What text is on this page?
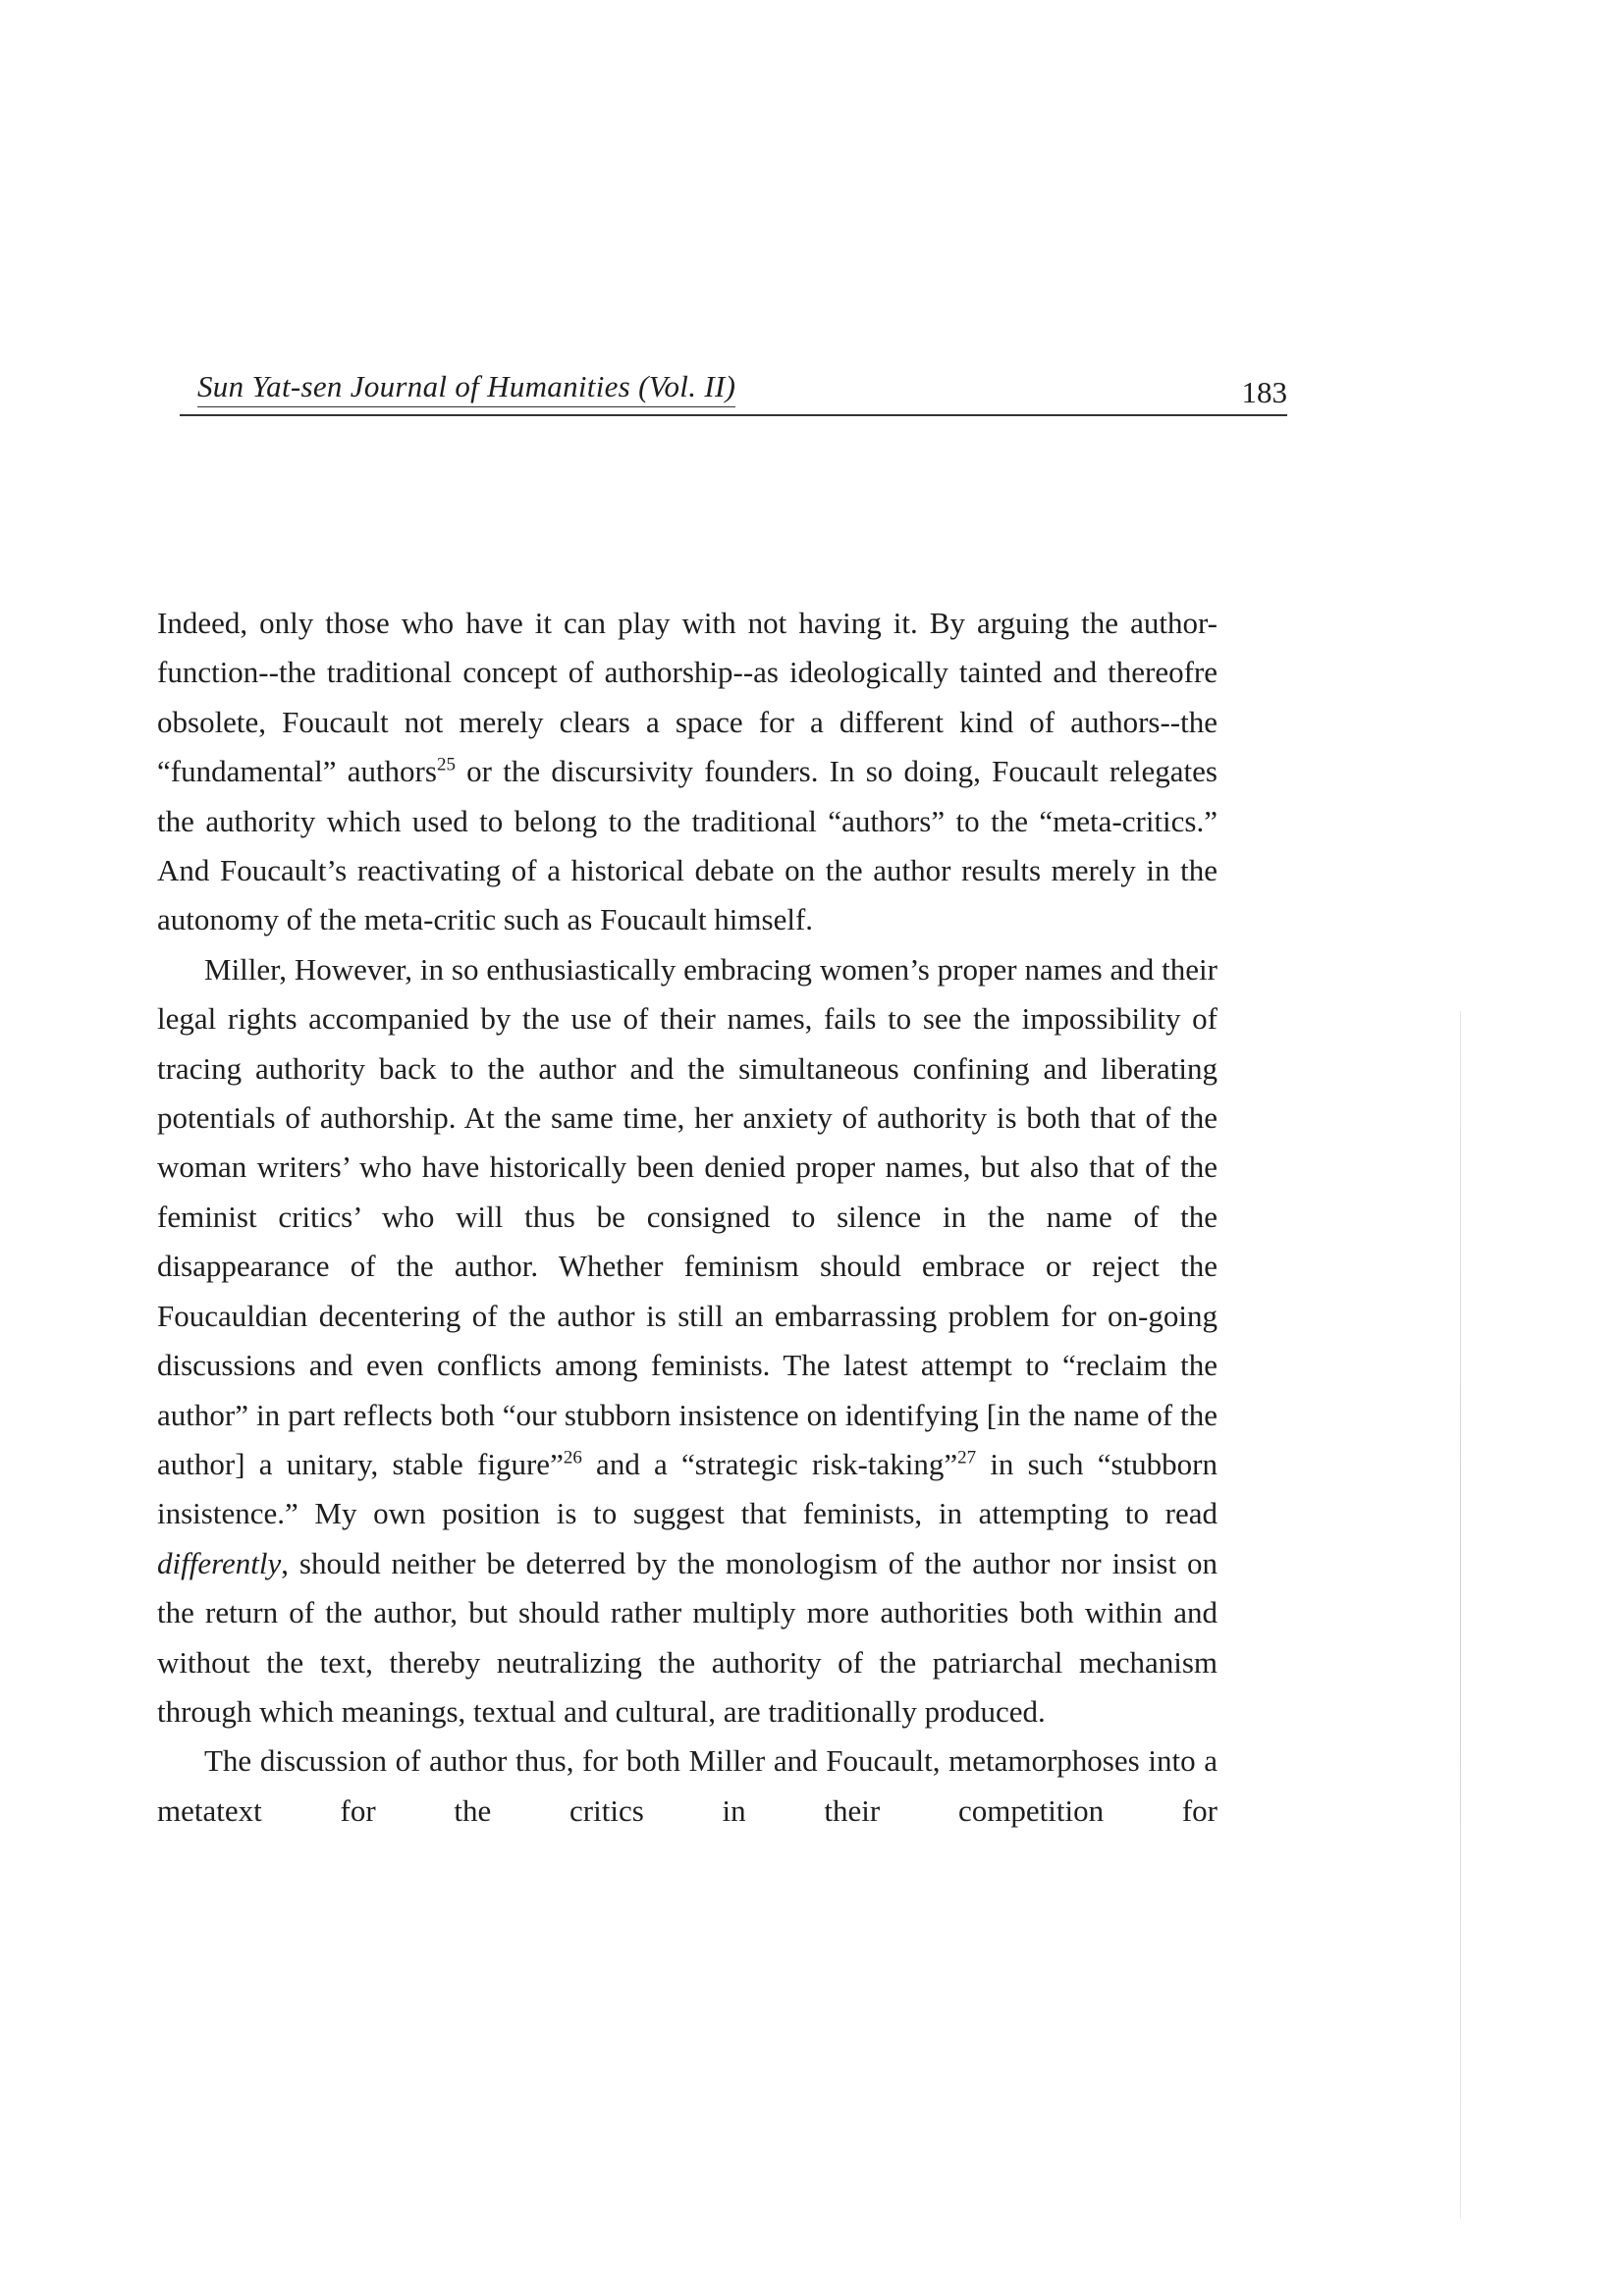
Sun Yat-sen Journal of Humanities (Vol. II)	183

Indeed, only those who have it can play with not having it. By arguing the author-function--the traditional concept of authorship--as ideologically tainted and thereofre obsolete, Foucault not merely clears a space for a different kind of authors--the “fundamental” authors$^{25}$ or the discursivity founders. In so doing, Foucault relegates the authority which used to belong to the traditional “authors” to the “meta-critics.” And Foucault’s reactivating of a historical debate on the author results merely in the autonomy of the meta-critic such as Foucault himself.

Miller, However, in so enthusiastically embracing women’s proper names and their legal rights accompanied by the use of their names, fails to see the impossibility of tracing authority back to the author and the simultaneous confining and liberating potentials of authorship. At the same time, her anxiety of authority is both that of the woman writers’ who have historically been denied proper names, but also that of the feminist critics’ who will thus be consigned to silence in the name of the disappearance of the author. Whether feminism should embrace or reject the Foucauldian decentering of the author is still an embarrassing problem for on-going discussions and even conflicts among feminists. The latest attempt to “reclaim the author” in part reflects both “our stubborn insistence on identifying [in the name of the author] a unitary, stable figure”$^{26}$ and a “strategic risk-taking”$^{27}$ in such “stubborn insistence.” My own position is to suggest that feminists, in attempting to read differently, should neither be deterred by the monologism of the author nor insist on the return of the author, but should rather multiply more authorities both within and without the text, thereby neutralizing the authority of the patriarchal mechanism through which meanings, textual and cultural, are traditionally produced.

The discussion of author thus, for both Miller and Foucault, metamorphoses into a metatext for the critics in their competition for
